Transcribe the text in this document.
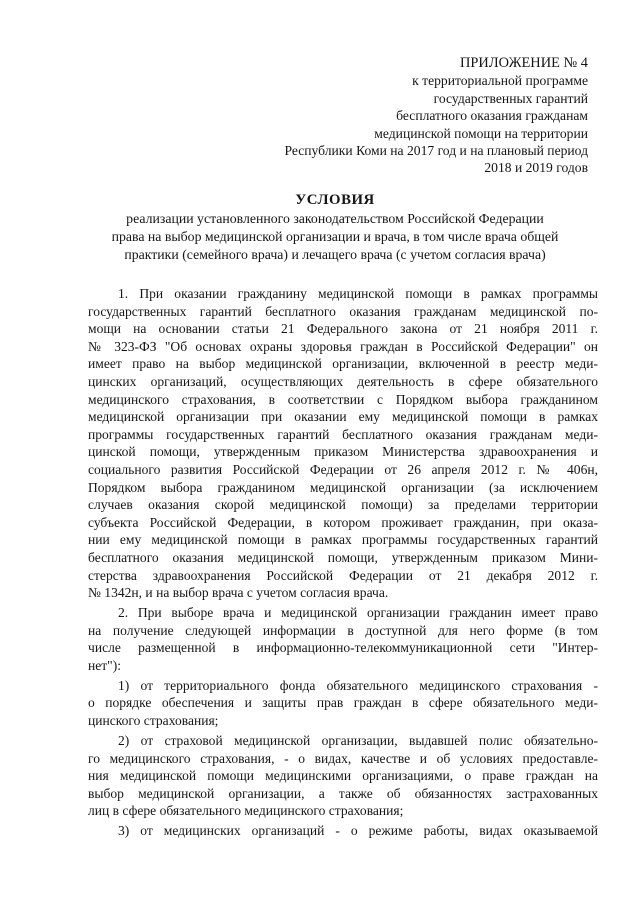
ПРИЛОЖЕНИЕ № 4
к территориальной программе
государственных гарантий
бесплатного оказания гражданам
медицинской помощи на территории
Республики Коми на 2017 год и на плановый период
2018 и 2019 годов
УСЛОВИЯ
реализации установленного законодательством Российской Федерации
права на выбор медицинской организации и врача, в том числе врача общей
практики (семейного врача) и лечащего врача (с учетом согласия врача)
1. При оказании гражданину медицинской помощи в рамках программы
государственных гарантий бесплатного оказания гражданам медицинской по-
мощи на основании статьи 21 Федерального закона от 21 ноября 2011 г.
№ 323-ФЗ "Об основах охраны здоровья граждан в Российской Федерации" он
имеет право на выбор медицинской организации, включенной в реестр меди-
цинских организаций, осуществляющих деятельность в сфере обязательного
медицинского страхования, в соответствии с Порядком выбора гражданином
медицинской организации при оказании ему медицинской помощи в рамках
программы государственных гарантий бесплатного оказания гражданам меди-
цинской помощи, утвержденным приказом Министерства здравоохранения и
социального развития Российской Федерации от 26 апреля 2012 г. № 406н,
Порядком выбора гражданином медицинской организации (за исключением
случаев оказания скорой медицинской помощи) за пределами территории
субъекта Российской Федерации, в котором проживает гражданин, при оказа-
нии ему медицинской помощи в рамках программы государственных гарантий
бесплатного оказания медицинской помощи, утвержденным приказом Мини-
стерства здравоохранения Российской Федерации от 21 декабря 2012 г.
№ 1342н, и на выбор врача с учетом согласия врача.
2. При выборе врача и медицинской организации гражданин имеет право
на получение следующей информации в доступной для него форме (в том
числе размещенной в информационно-телекоммуникационной сети "Интер-
нет"):
1) от территориального фонда обязательного медицинского страхования -
о порядке обеспечения и защиты прав граждан в сфере обязательного меди-
цинского страхования;
2) от страховой медицинской организации, выдавшей полис обязательно-
го медицинского страхования, - о видах, качестве и об условиях предоставле-
ния медицинской помощи медицинскими организациями, о праве граждан на
выбор медицинской организации, а также об обязанностях застрахованных
лиц в сфере обязательного медицинского страхования;
3) от медицинских организаций - о режиме работы, видах оказываемой
